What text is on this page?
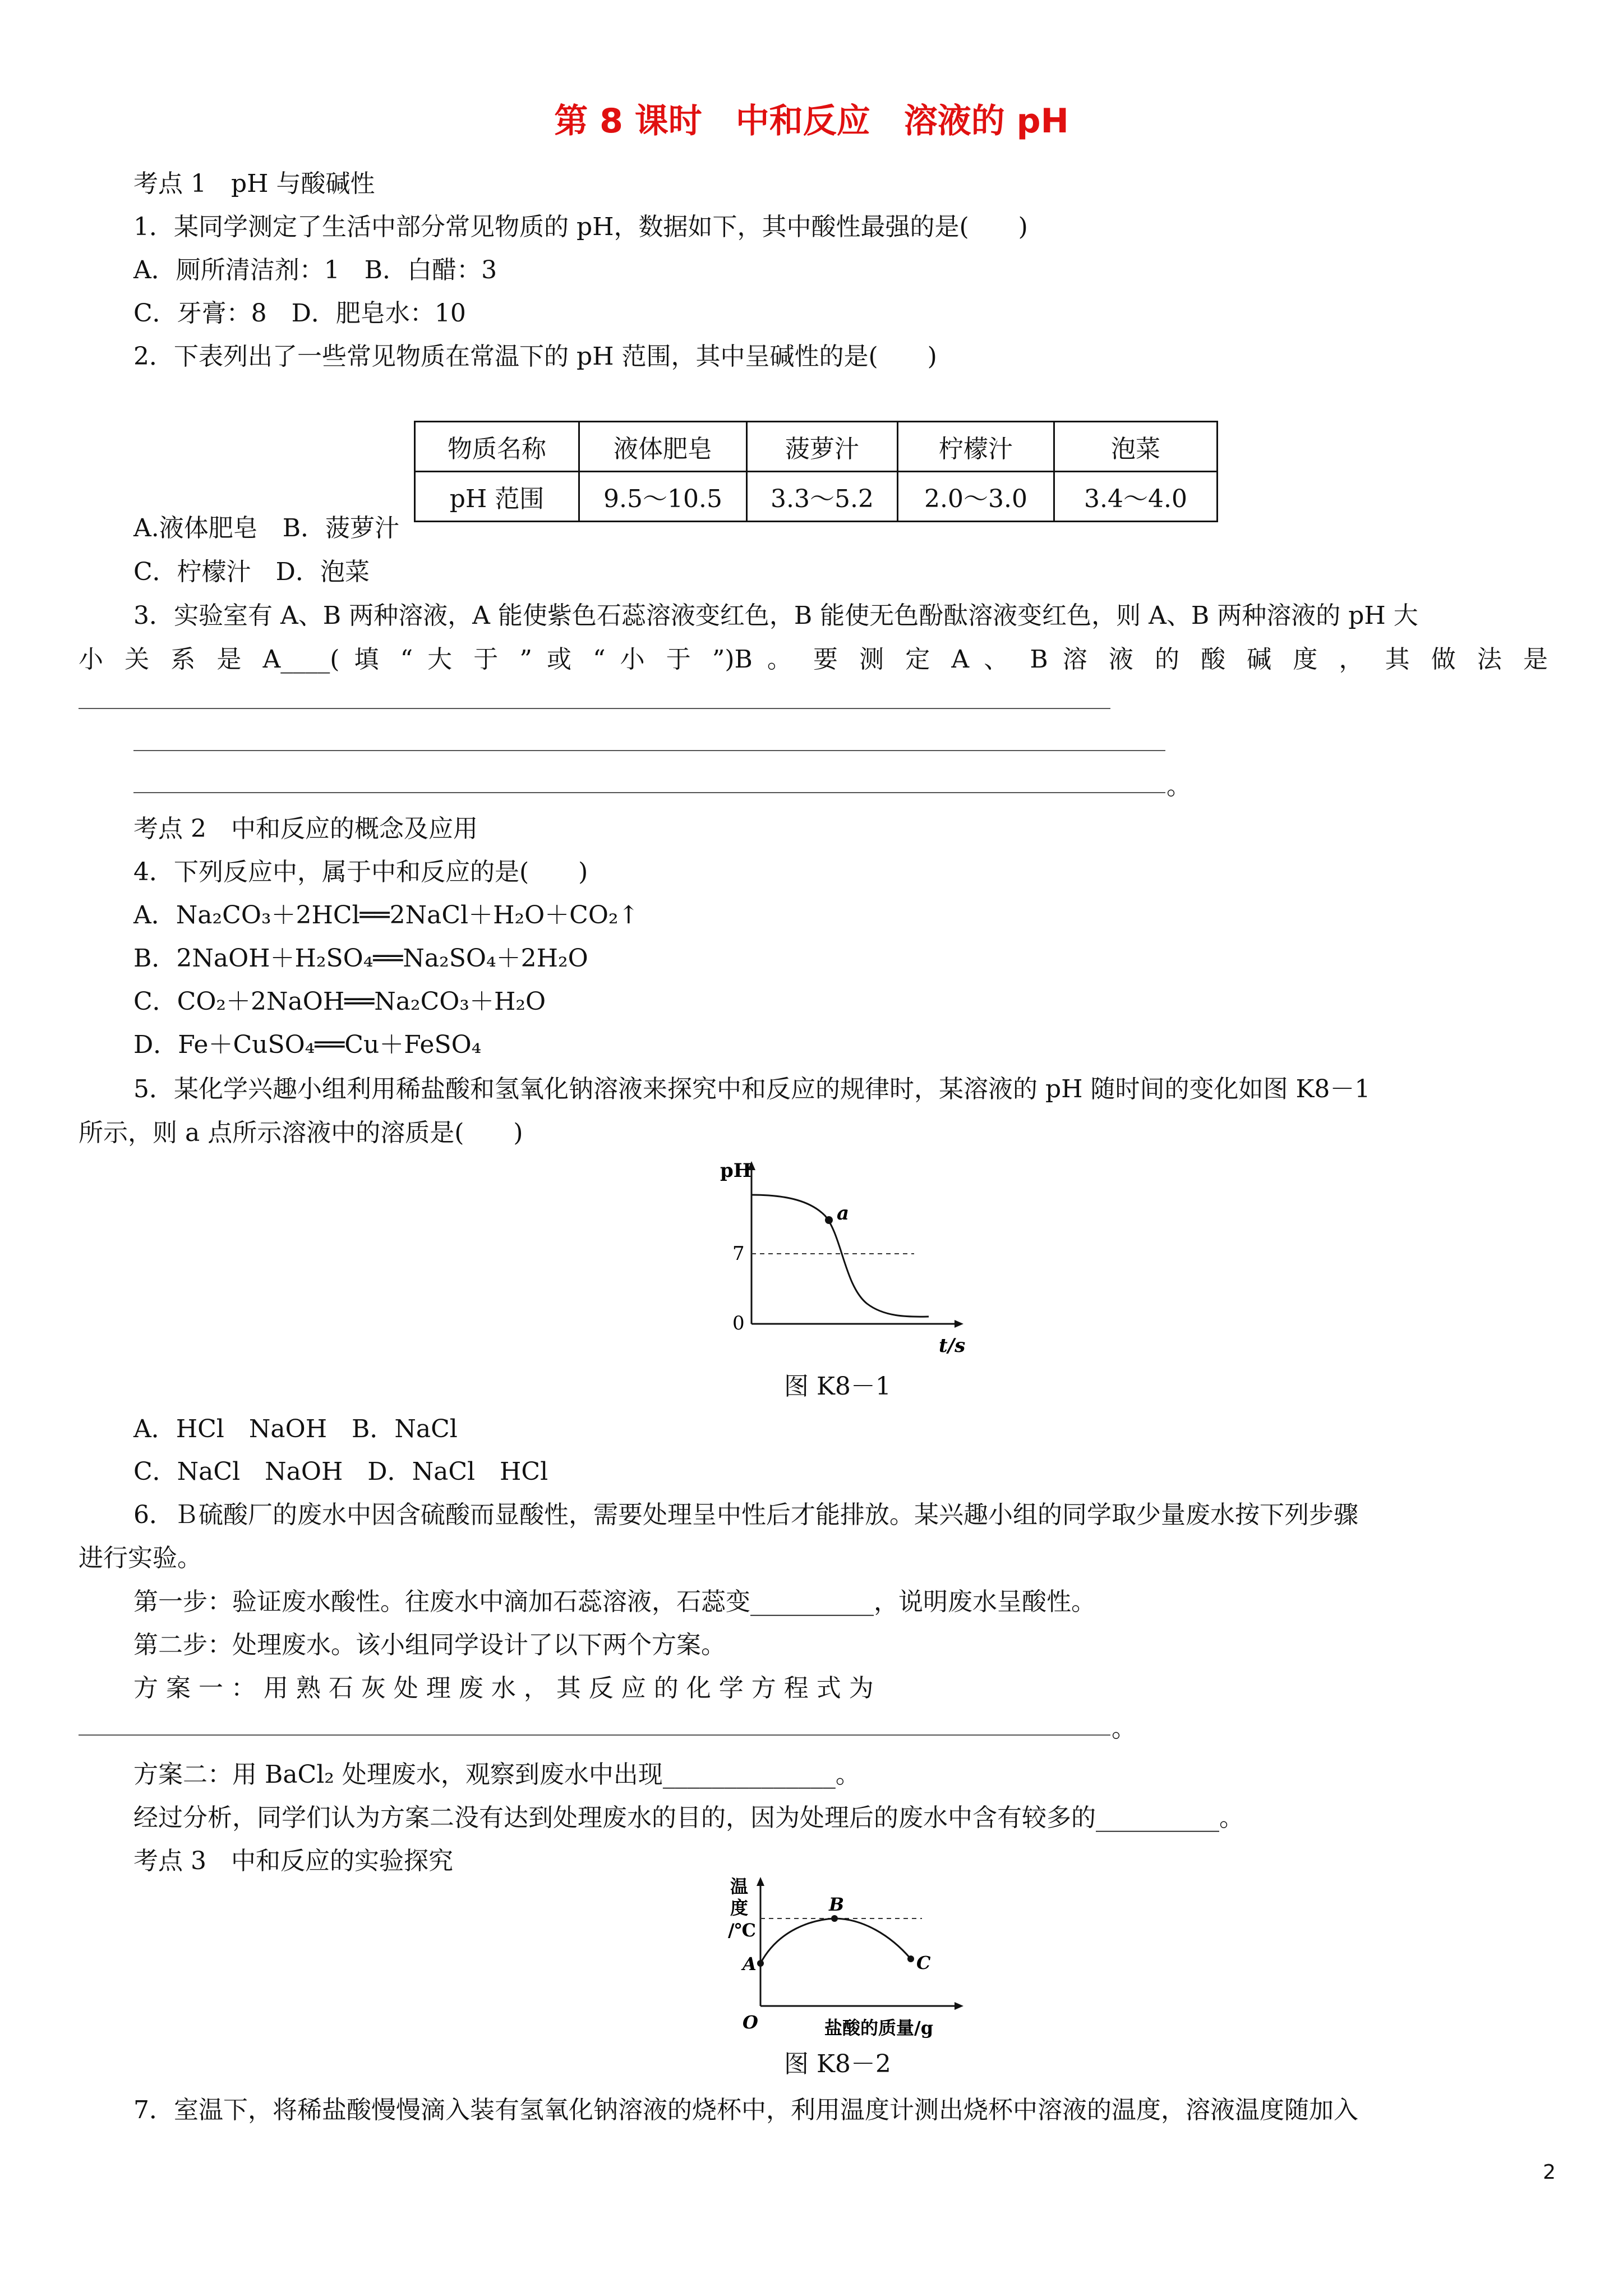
第 8 课时　中和反应　溶液的 pH
考点 1　pH 与酸碱性
1．某同学测定了生活中部分常见物质的 pH，数据如下，其中酸性最强的是(　　)
A．厕所清洁剂：1　B．白醋：3
C．牙膏：8　D．肥皂水：10
2．下表列出了一些常见物质在常温下的 pH 范围，其中呈碱性的是(　　)
物质名称	液体肥皂	菠萝汁	柠檬汁	泡菜
pH 范围	9.5～10.5	3.3～5.2	2.0～3.0	3.4～4.0
A.液体肥皂　B．菠萝汁
C．柠檬汁　D．泡菜
3．实验室有 A、B 两种溶液，A 能使紫色石蕊溶液变红色，B 能使无色酚酞溶液变红色，则 A、B 两种溶液的 pH 大
小 关 系 是 A____( 填 “ 大 于 ” 或 “ 小 于 ”)B 。 要 测 定 A 、 B 溶 液 的 酸 碱 度 ， 其 做 法 是
。
考点 2　中和反应的概念及应用
4．下列反应中，属于中和反应的是(　　)
A．Na₂CO₃＋2HCl══2NaCl＋H₂O＋CO₂↑
B．2NaOH＋H₂SO₄══Na₂SO₄＋2H₂O
C．CO₂＋2NaOH══Na₂CO₃＋H₂O
D．Fe＋CuSO₄══Cu＋FeSO₄
5．某化学兴趣小组利用稀盐酸和氢氧化钠溶液来探究中和反应的规律时，某溶液的 pH 随时间的变化如图 K8－1
所示，则 a 点所示溶液中的溶质是(　　)
pH
7
0
t/s
a
图 K8－1
A．HCl　NaOH　B．NaCl
C．NaCl　NaOH　D．NaCl　HCl
6．Ｂ硫酸厂的废水中因含硫酸而显酸性，需要处理呈中性后才能排放。某兴趣小组的同学取少量废水按下列步骤
进行实验。
第一步：验证废水酸性。往废水中滴加石蕊溶液，石蕊变__________，说明废水呈酸性。
第二步：处理废水。该小组同学设计了以下两个方案。
方 案 一 ： 用 熟 石 灰 处 理 废 水 ， 其 反 应 的 化 学 方 程 式 为
。
方案二：用 BaCl₂ 处理废水，观察到废水中出现______________。
经过分析，同学们认为方案二没有达到处理废水的目的，因为处理后的废水中含有较多的__________。
考点 3　中和反应的实验探究
温
度
/℃
A
B
C
O	盐酸的质量/g
图 K8－2
7．室温下，将稀盐酸慢慢滴入装有氢氧化钠溶液的烧杯中，利用温度计测出烧杯中溶液的温度，溶液温度随加入
2
